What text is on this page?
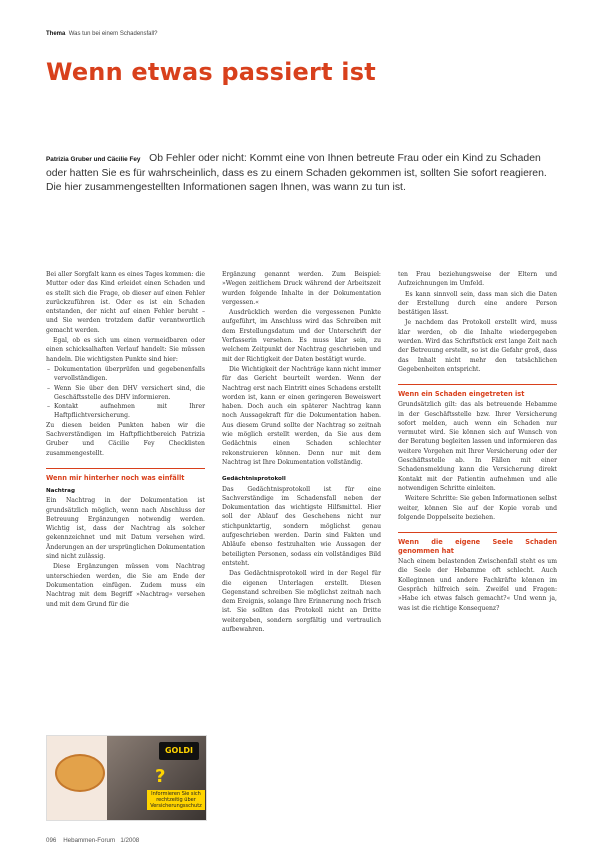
Thema Was tun bei einem Schadensfall?
Wenn etwas passiert ist
Patrizia Gruber und Cäcilie Fey Ob Fehler oder nicht: Kommt eine von Ihnen betreute Frau oder ein Kind zu Schaden oder hatten Sie es für wahrscheinlich, dass es zu einem Schaden gekommen ist, sollten Sie sofort reagieren. Die hier zusammengestellten Informationen sagen Ihnen, was wann zu tun ist.

Bei aller Sorgfalt kann es eines Tages kommen: die Mutter oder das Kind erleidet einen Schaden und es stellt sich die Frage, ob dieser auf einen Fehler zurückzuführen ist. Oder es ist ein Schaden entstanden, der nicht auf einen Fehler beruht – und Sie werden trotzdem dafür verantwortlich gemacht werden.

Egal, ob es sich um einen vermeidbaren oder einen schicksalhaften Verlauf handelt: Sie müssen handeln. Die wichtigsten Punkte sind hier:

– Dokumentation überprüfen und gegebenenfalls vervollständigen.
– Wenn Sie über den DHV versichert sind, die Geschäftsstelle des DHV informieren.
– Kontakt aufnehmen mit Ihrer Haftpflichtversicherung.

Zu diesen beiden Punkten haben wir die Sachverständigen im Haftpflichtbereich Patrizia Gruber und Cäcilie Fey Checklisten zusammengestellt.

Wenn mir hinterher noch was einfällt
Nachtrag

Ein Nachtrag in der Dokumentation ist grundsätzlich möglich, wenn nach Abschluss der Betreuung Ergänzungen notwendig werden. Wichtig ist, dass der Nachtrag als solcher gekennzeichnet und mit Datum versehen wird. Änderungen an der ursprünglichen Dokumentation sind nicht zulässig.

Diese Ergänzungen müssen vom Nachtrag unterschieden werden, die Sie am Ende der Dokumentation einfügen. Zudem muss ein Nachtrag mit dem Begriff »Nachtrag« versehen und mit dem Grund für die

GOLDI
?
Informieren Sie sich rechtzeitig über Versicherungsschutz

Ergänzung genannt werden. Zum Beispiel: »Wegen zeitlichem Druck während der Arbeitszeit wurden folgende Inhalte in der Dokumentation vergessen.«

Ausdrücklich werden die vergessenen Punkte aufgeführt, im Anschluss wird das Schreiben mit dem Erstellungsdatum und der Unterschrift der Verfasserin versehen. Es muss klar sein, zu welchem Zeitpunkt der Nachtrag geschrieben und mit der Richtigkeit der Daten bestätigt wurde.

Die Wichtigkeit der Nachträge kann nicht immer für das Gericht beurteilt werden. Wenn der Nachtrag erst nach Eintritt eines Schadens erstellt worden ist, kann er einen geringeren Beweiswert haben. Doch auch ein späterer Nachtrag kann noch Aussagekraft für die Dokumentation haben. Aus diesem Grund sollte der Nachtrag so zeitnah wie möglich erstellt werden, da Sie aus dem Gedächtnis einen Schaden schlechter rekonstruieren können. Denn nur mit dem Nachtrag ist Ihre Dokumentation vollständig.

Gedächtnisprotokoll

Das Gedächtnisprotokoll ist für eine Sachverständige im Schadensfall neben der Dokumentation das wichtigste Hilfsmittel. Hier soll der Ablauf des Geschehens nicht nur stichpunktartig, sondern möglichst genau aufgeschrieben werden. Darin sind Fakten und Abläufe ebenso festzuhalten wie Aussagen der beteiligten Personen, sodass ein vollständiges Bild entsteht.

Das Gedächtnisprotokoll wird in der Regel für die eigenen Unterlagen erstellt. Diesen Gegenstand schreiben Sie möglichst zeitnah nach dem Ereignis, solange Ihre Erinnerung noch frisch ist. Sie sollten das Protokoll nicht an Dritte weitergeben, sondern sorgfältig und vertraulich aufbewahren.

ten Frau beziehungsweise der Eltern und Aufzeichnungen im Umfeld.

Es kann sinnvoll sein, dass man sich die Daten der Erstellung durch eine andere Person bestätigen lässt.

Je nachdem das Protokoll erstellt wird, muss klar werden, ob die Inhalte wiedergegeben werden. Wird das Schriftstück erst lange Zeit nach der Betreuung erstellt, so ist die Gefahr groß, dass das Inhalt nicht mehr den tatsächlichen Gegebenheiten entspricht.

Wenn ein Schaden eingetreten ist

Grundsätzlich gilt: das als betreuende Hebamme in der Geschäftsstelle bzw. Ihrer Versicherung sofort melden, auch wenn ein Schaden nur vermutet wird. Sie können sich auf Wunsch von der Beratung begleiten lassen und informieren das weitere Vorgehen mit Ihrer Versicherung oder der Geschäftsstelle ab. In Fällen mit einer Schadensmeldung kann die Versicherung direkt Kontakt mit der Patientin aufnehmen und alle notwendigen Schritte einleiten.

Weitere Schritte: Sie geben Informationen selbst weiter, können Sie auf der Kopie vorab und folgende Doppelseite beziehen.

Wenn die eigene Seele Schaden genommen hat

Nach einem belastenden Zwischenfall steht es um die Seele der Hebamme oft schlecht. Auch Kolleginnen und andere Fachkräfte können im Gespräch hilfreich sein. Zweifel und Fragen: »Habe ich etwas falsch gemacht?« Und wenn ja, was ist die richtige Konsequenz?

096 Hebammen-Forum 1/2008
